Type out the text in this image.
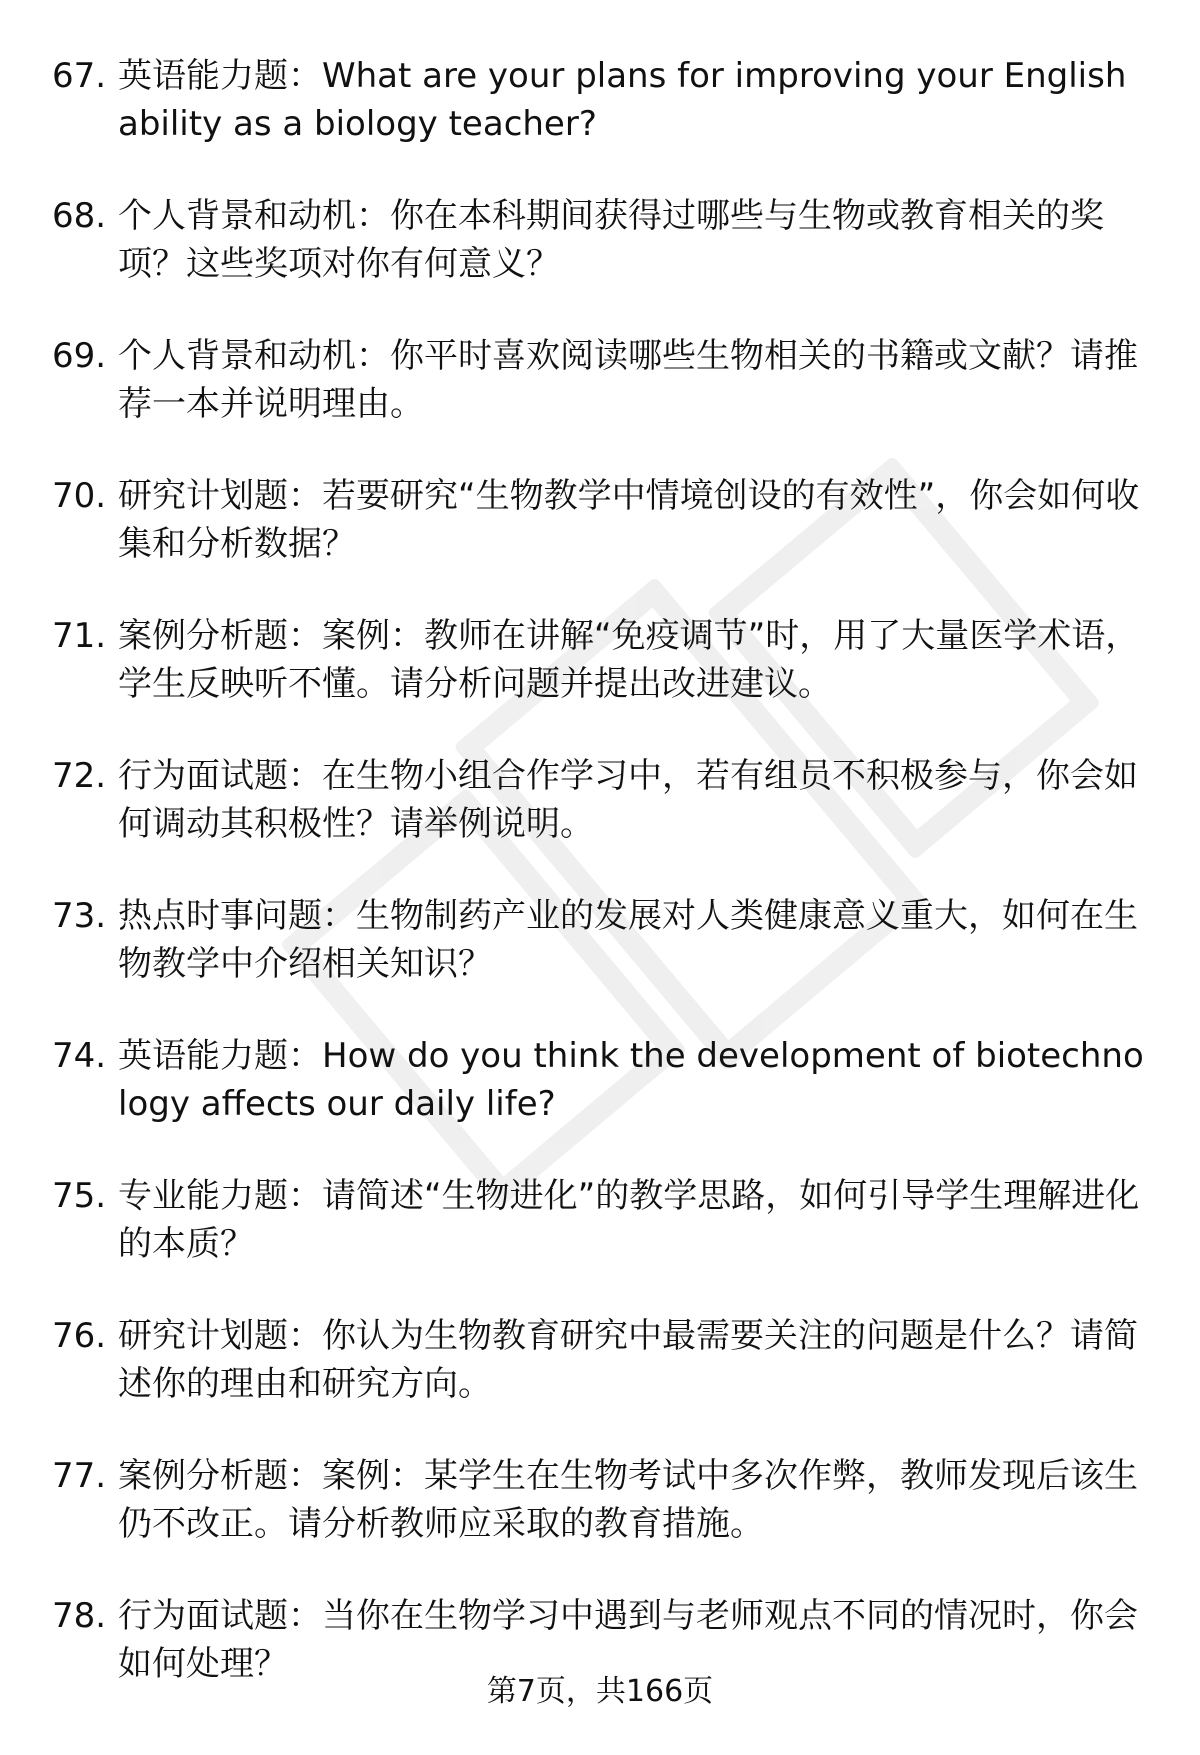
67. 英语能力题：What are your plans for improving your English ability as a biology teacher?
68. 个人背景和动机：你在本科期间获得过哪些与生物或教育相关的奖项？这些奖项对你有何意义？
69. 个人背景和动机：你平时喜欢阅读哪些生物相关的书籍或文献？请推荐一本并说明理由。
70. 研究计划题：若要研究“生物教学中情境创设的有效性”，你会如何收集和分析数据？
71. 案例分析题：案例：教师在讲解“免疫调节”时，用了大量医学术语，学生反映听不懂。请分析问题并提出改进建议。
72. 行为面试题：在生物小组合作学习中，若有组员不积极参与，你会如何调动其积极性？请举例说明。
73. 热点时事问题：生物制药产业的发展对人类健康意义重大，如何在生物教学中介绍相关知识？
74. 英语能力题：How do you think the development of biotechnology affects our daily life?
75. 专业能力题：请简述“生物进化”的教学思路，如何引导学生理解进化的本质？
76. 研究计划题：你认为生物教育研究中最需要关注的问题是什么？请简述你的理由和研究方向。
77. 案例分析题：案例：某学生在生物考试中多次作弊，教师发现后该生仍不改正。请分析教师应采取的教育措施。
78. 行为面试题：当你在生物学习中遇到与老师观点不同的情况时，你会如何处理？
第7页，共166页
